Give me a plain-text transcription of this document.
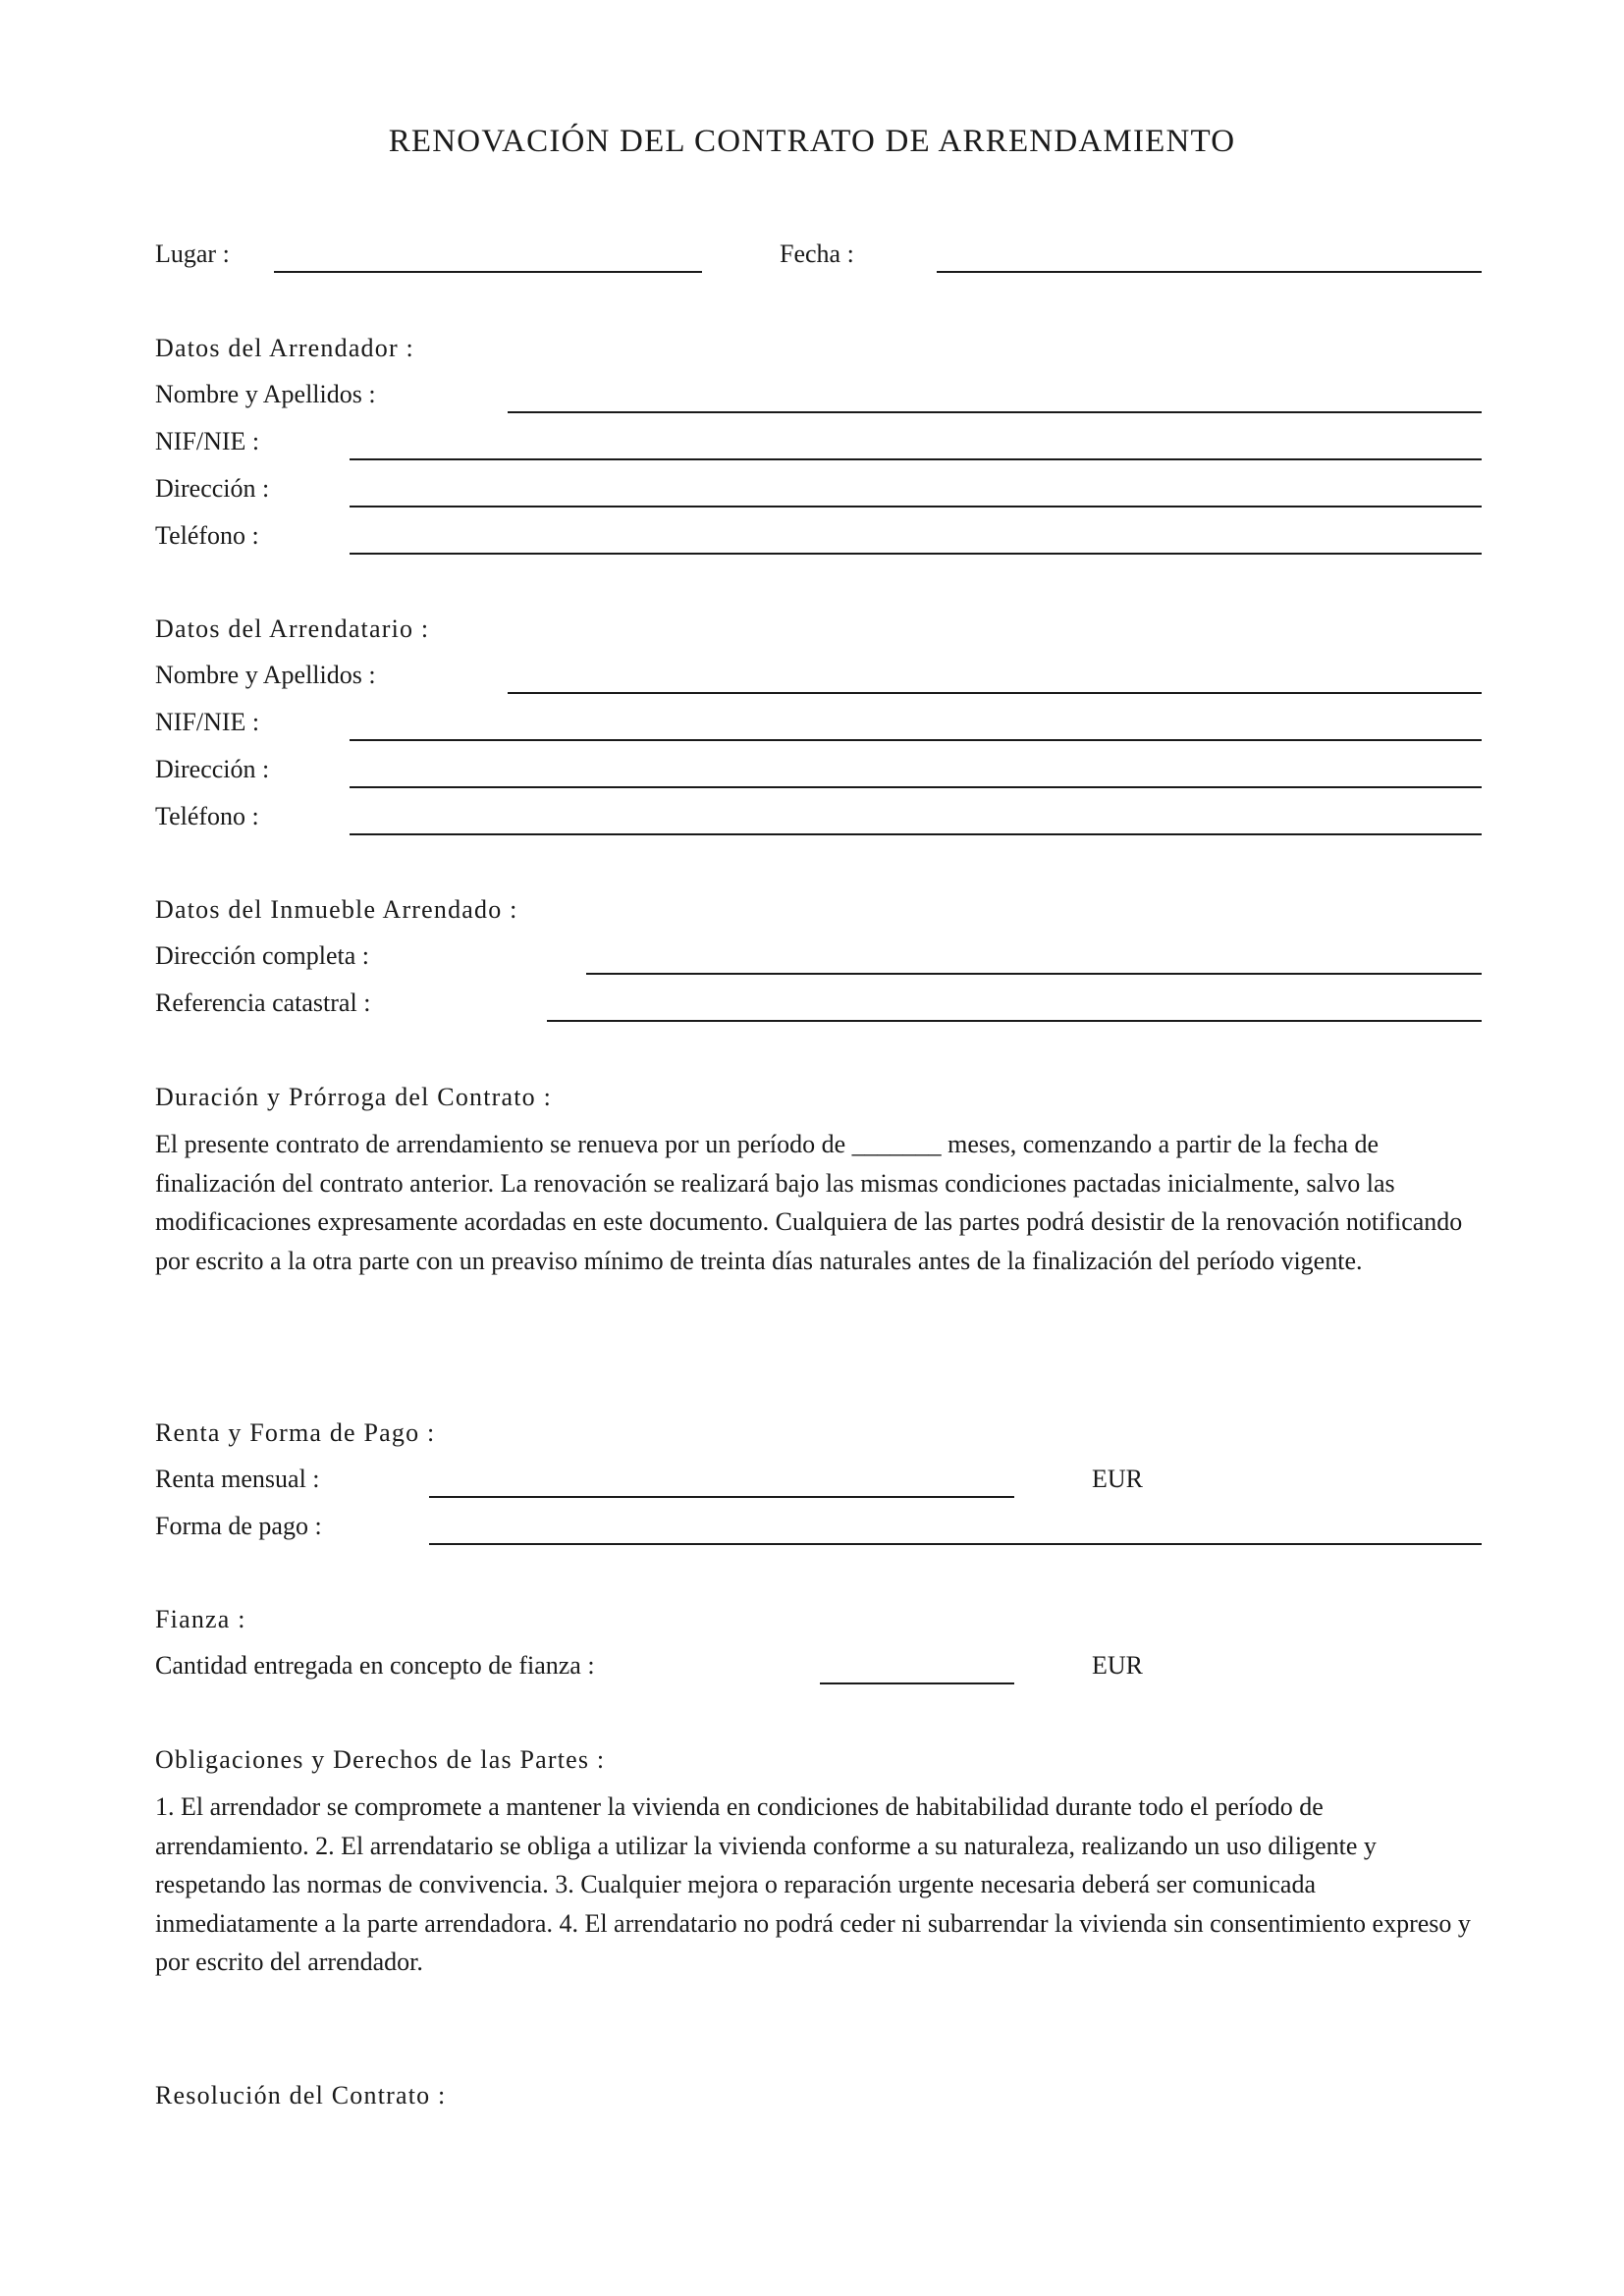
RENOVACIÓN DEL CONTRATO DE ARRENDAMIENTO
Lugar :	Fecha :
Datos del Arrendador :
Nombre y Apellidos :
NIF/NIE :
Dirección :
Teléfono :
Datos del Arrendatario :
Nombre y Apellidos :
NIF/NIE :
Dirección :
Teléfono :
Datos del Inmueble Arrendado :
Dirección completa :
Referencia catastral :
Duración y Prórroga del Contrato :
El presente contrato de arrendamiento se renueva por un período de _______ meses, comenzando a partir de la fecha de finalización del contrato anterior. La renovación se realizará bajo las mismas condiciones pactadas inicialmente, salvo las modificaciones expresamente acordadas en este documento. Cualquiera de las partes podrá desistir de la renovación notificando por escrito a la otra parte con un preaviso mínimo de treinta días naturales antes de la finalización del período vigente.
Renta y Forma de Pago :
Renta mensual :	EUR
Forma de pago :
Fianza :
Cantidad entregada en concepto de fianza :	EUR
Obligaciones y Derechos de las Partes :
1. El arrendador se compromete a mantener la vivienda en condiciones de habitabilidad durante todo el período de arrendamiento. 2. El arrendatario se obliga a utilizar la vivienda conforme a su naturaleza, realizando un uso diligente y respetando las normas de convivencia. 3. Cualquier mejora o reparación urgente necesaria deberá ser comunicada inmediatamente a la parte arrendadora. 4. El arrendatario no podrá ceder ni subarrendar la vivienda sin consentimiento expreso y por escrito del arrendador.
Resolución del Contrato :
